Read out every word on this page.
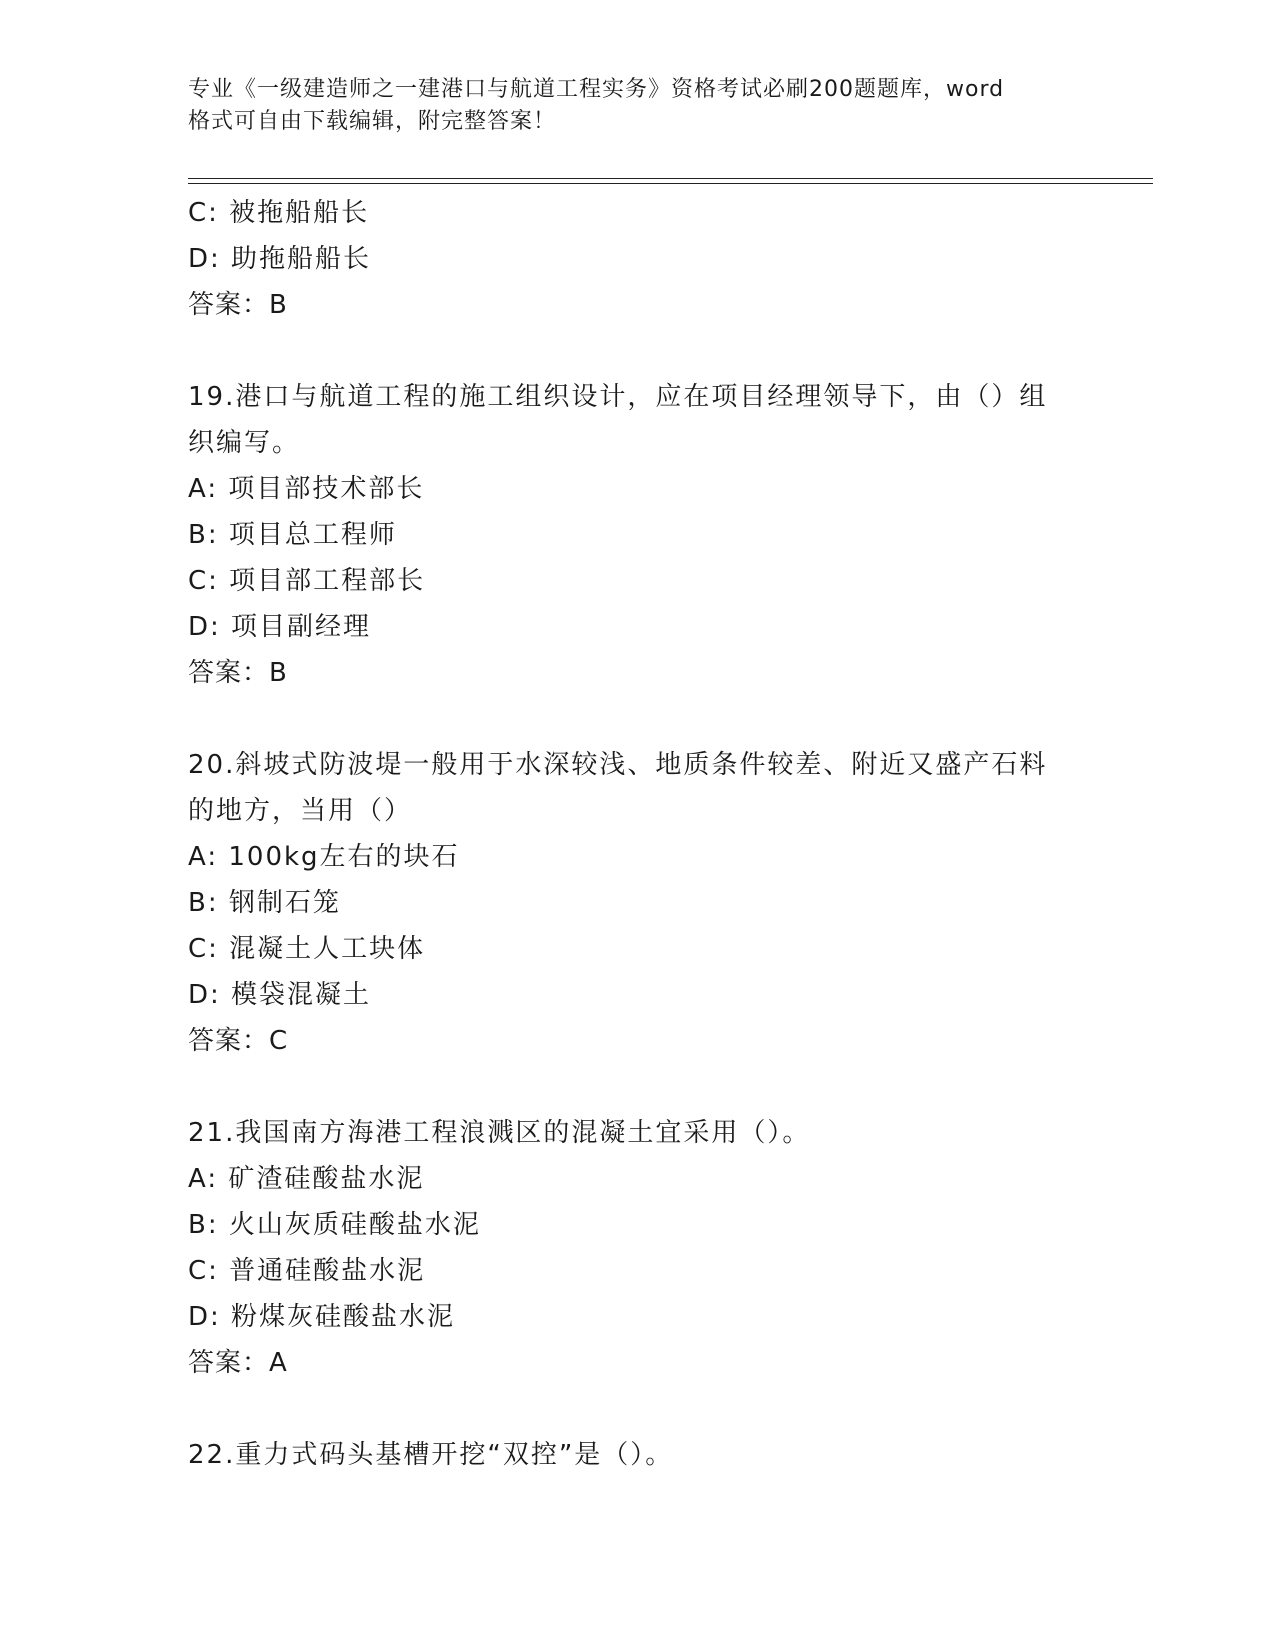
专业《一级建造师之一建港口与航道工程实务》资格考试必刷200题题库，word
格式可自由下载编辑，附完整答案！
C: 被拖船船长
D: 助拖船船长
答案：B
19.港口与航道工程的施工组织设计，应在项目经理领导下，由（）组
织编写。
A: 项目部技术部长
B: 项目总工程师
C: 项目部工程部长
D: 项目副经理
答案：B
20.斜坡式防波堤一般用于水深较浅、地质条件较差、附近又盛产石料
的地方，当用（）
A: 100kg左右的块石
B: 钢制石笼
C: 混凝土人工块体
D: 模袋混凝土
答案：C
21.我国南方海港工程浪溅区的混凝土宜采用（）。
A: 矿渣硅酸盐水泥
B: 火山灰质硅酸盐水泥
C: 普通硅酸盐水泥
D: 粉煤灰硅酸盐水泥
答案：A
22.重力式码头基槽开挖“双控”是（）。
